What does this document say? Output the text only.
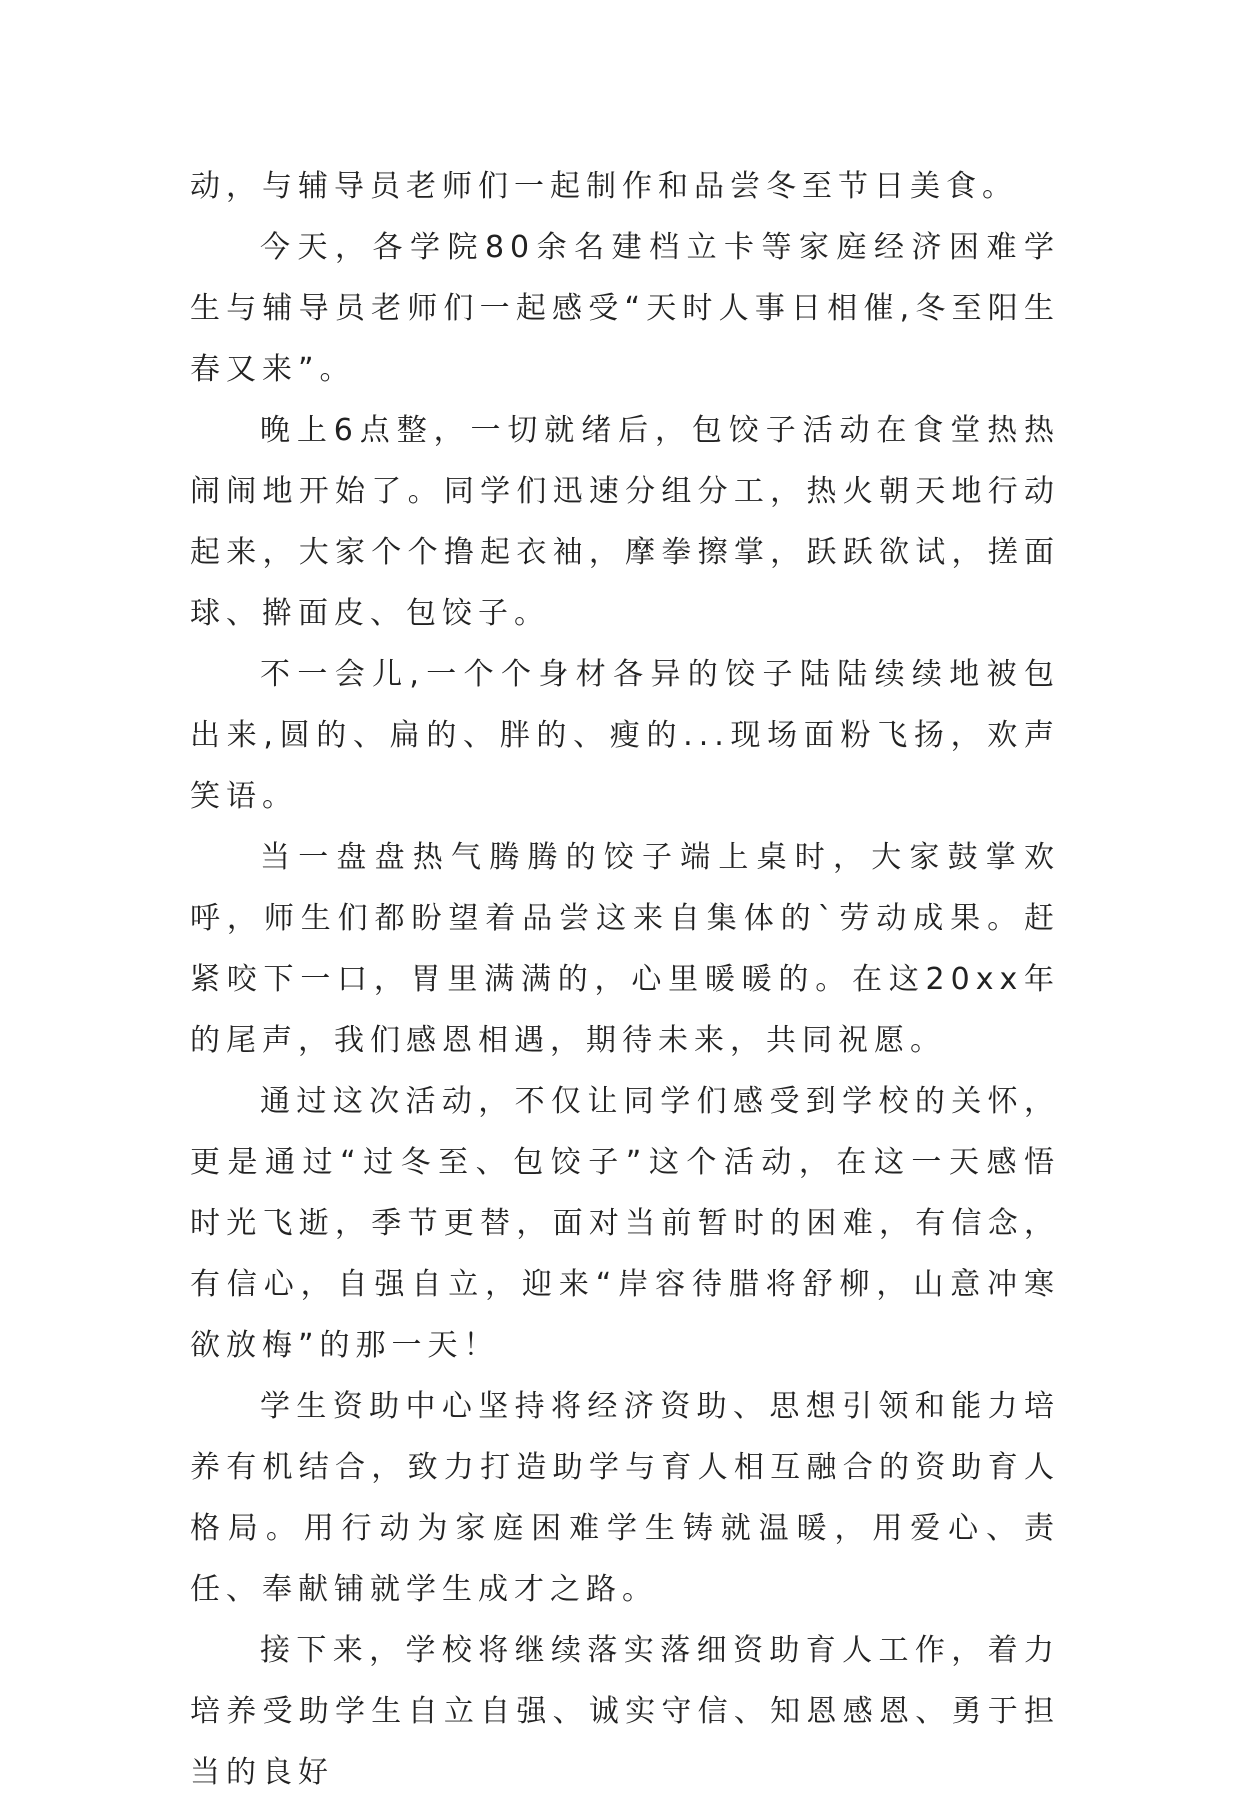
动，与辅导员老师们一起制作和品尝冬至节日美食。

今天，各学院80余名建档立卡等家庭经济困难学生与辅导员老师们一起感受“天时人事日相催,冬至阳生春又来”。

晚上6点整，一切就绪后，包饺子活动在食堂热热闹闹地开始了。同学们迅速分组分工，热火朝天地行动起来，大家个个撸起衣袖，摩拳擦掌，跃跃欲试，搓面球、擀面皮、包饺子。

不一会儿,一个个身材各异的饺子陆陆续续地被包出来,圆的、扁的、胖的、瘦的...现场面粉飞扬，欢声笑语。

当一盘盘热气腾腾的饺子端上桌时，大家鼓掌欢呼，师生们都盼望着品尝这来自集体的`劳动成果。赶紧咬下一口，胃里满满的，心里暖暖的。在这20xx年的尾声，我们感恩相遇，期待未来，共同祝愿。

通过这次活动，不仅让同学们感受到学校的关怀，更是通过“过冬至、包饺子”这个活动，在这一天感悟时光飞逝，季节更替，面对当前暂时的困难，有信念，有信心，自强自立，迎来“岸容待腊将舒柳，山意冲寒欲放梅”的那一天！

学生资助中心坚持将经济资助、思想引领和能力培养有机结合，致力打造助学与育人相互融合的资助育人格局。用行动为家庭困难学生铸就温暖，用爱心、责任、奉献铺就学生成才之路。

接下来，学校将继续落实落细资助育人工作，着力培养受助学生自立自强、诚实守信、知恩感恩、勇于担当的良好
